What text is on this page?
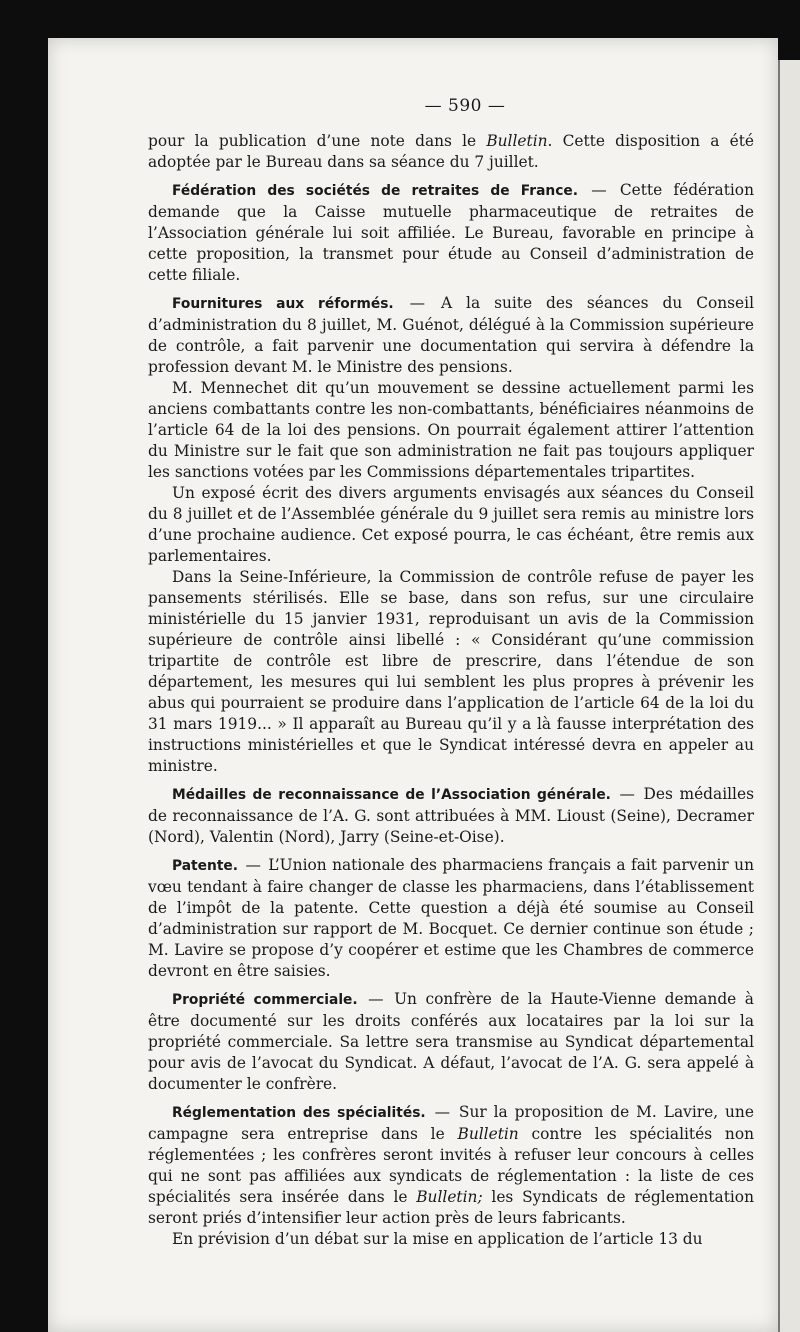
— 590 —

pour la publication d’une note dans le Bulletin. Cette disposition a été adoptée par le Bureau dans sa séance du 7 juillet.

Fédération des sociétés de retraites de France. — Cette fédération demande que la Caisse mutuelle pharmaceutique de retraites de l’Association générale lui soit affiliée. Le Bureau, favorable en principe à cette proposition, la transmet pour étude au Conseil d’administration de cette filiale.

Fournitures aux réformés. — A la suite des séances du Conseil d’administration du 8 juillet, M. Guénot, délégué à la Commission supérieure de contrôle, a fait parvenir une documentation qui servira à défendre la profession devant M. le Ministre des pensions.

M. Mennechet dit qu’un mouvement se dessine actuellement parmi les anciens combattants contre les non-combattants, bénéficiaires néanmoins de l’article 64 de la loi des pensions. On pourrait également attirer l’attention du Ministre sur le fait que son administration ne fait pas toujours appliquer les sanctions votées par les Commissions départementales tripartites.

Un exposé écrit des divers arguments envisagés aux séances du Conseil du 8 juillet et de l’Assemblée générale du 9 juillet sera remis au ministre lors d’une prochaine audience. Cet exposé pourra, le cas échéant, être remis aux parlementaires.

Dans la Seine-Inférieure, la Commission de contrôle refuse de payer les pansements stérilisés. Elle se base, dans son refus, sur une circulaire ministérielle du 15 janvier 1931, reproduisant un avis de la Commission supérieure de contrôle ainsi libellé : « Considérant qu’une commission tripartite de contrôle est libre de prescrire, dans l’étendue de son département, les mesures qui lui semblent les plus propres à prévenir les abus qui pourraient se produire dans l’application de l’article 64 de la loi du 31 mars 1919... » Il apparaît au Bureau qu’il y a là fausse interprétation des instructions ministérielles et que le Syndicat intéressé devra en appeler au ministre.

Médailles de reconnaissance de l’Association générale. — Des médailles de reconnaissance de l’A. G. sont attribuées à MM. Lioust (Seine), Decramer (Nord), Valentin (Nord), Jarry (Seine-et-Oise).

Patente. — L’Union nationale des pharmaciens français a fait parvenir un vœu tendant à faire changer de classe les pharmaciens, dans l’établissement de l’impôt de la patente. Cette question a déjà été soumise au Conseil d’administration sur rapport de M. Bocquet. Ce dernier continue son étude ; M. Lavire se propose d’y coopérer et estime que les Chambres de commerce devront en être saisies.

Propriété commerciale. — Un confrère de la Haute-Vienne demande à être documenté sur les droits conférés aux locataires par la loi sur la propriété commerciale. Sa lettre sera transmise au Syndicat départemental pour avis de l’avocat du Syndicat. A défaut, l’avocat de l’A. G. sera appelé à documenter le confrère.

Réglementation des spécialités. — Sur la proposition de M. Lavire, une campagne sera entreprise dans le Bulletin contre les spécialités non réglementées ; les confrères seront invités à refuser leur concours à celles qui ne sont pas affiliées aux syndicats de réglementation : la liste de ces spécialités sera insérée dans le Bulletin; les Syndicats de réglementation seront priés d’intensifier leur action près de leurs fabricants.

En prévision d’un débat sur la mise en application de l’article 13 du
